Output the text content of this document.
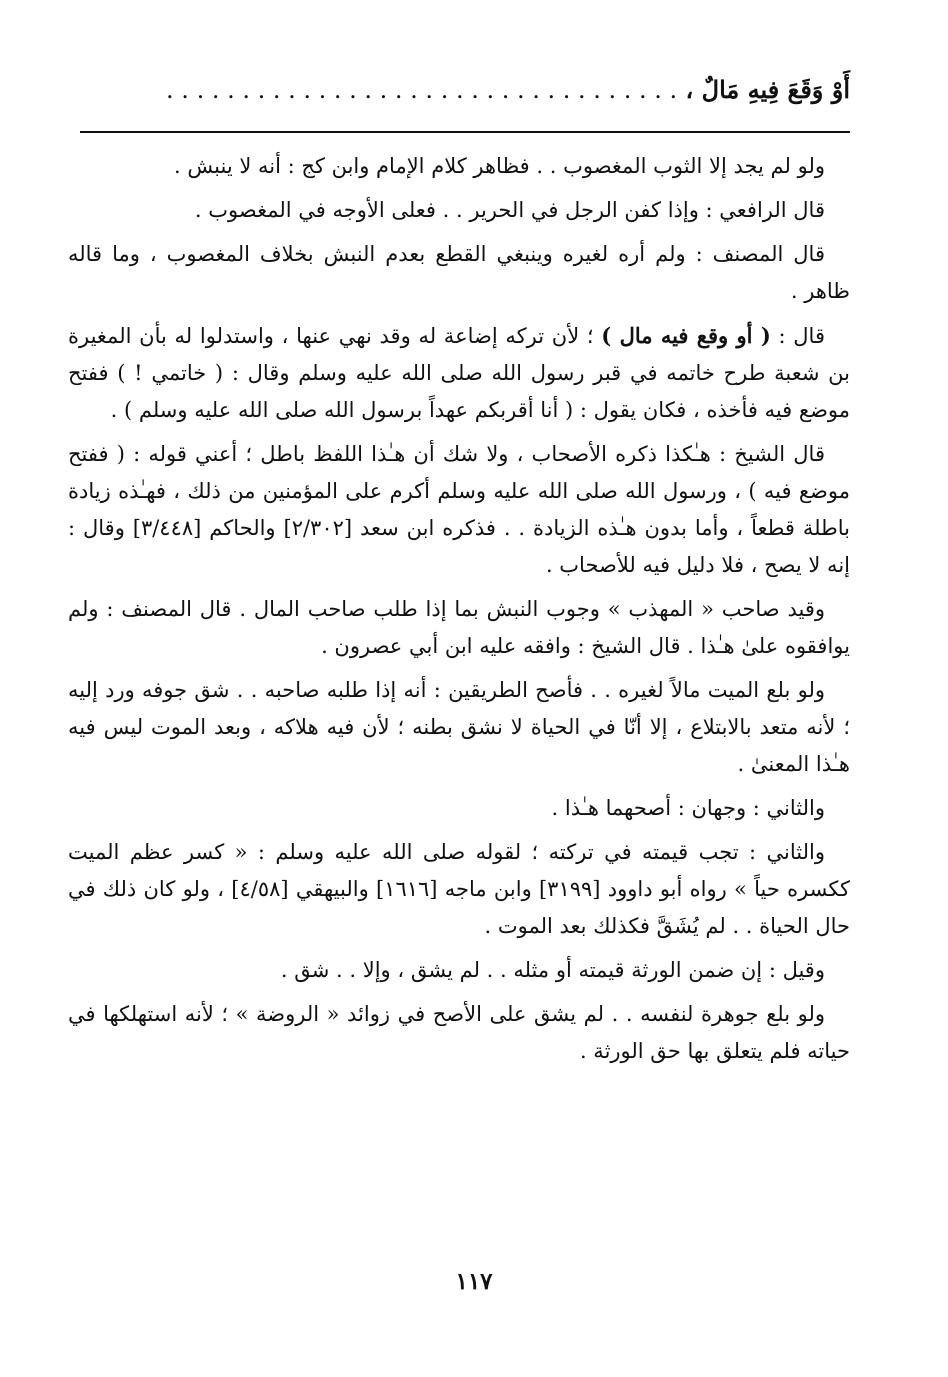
أَوْ وَقَعَ فِيهِ مَالٌ ، . . . . . . . . . . . . . . . . . . . . . . . . . . . . . . . . . .

ولو لم يجد إلا الثوب المغصوب . . فظاهر كلام الإمام وابن كج : أنه لا ينبش .

قال الرافعي : وإذا كفن الرجل في الحرير . . فعلى الأوجه في المغصوب .

قال المصنف : ولم أره لغيره وينبغي القطع بعدم النبش بخلاف المغصوب ، وما قاله ظاهر .

قال : ( أو وقع فيه مال ) ؛ لأن تركه إضاعة له وقد نهي عنها ، واستدلوا له بأن المغيرة بن شعبة طرح خاتمه في قبر رسول الله صلى الله عليه وسلم وقال : ( خاتمي ! ) ففتح موضع فيه فأخذه ، فكان يقول : ( أنا أقربكم عهداً برسول الله صلى الله عليه وسلم ) .

قال الشيخ : هـٰكذا ذكره الأصحاب ، ولا شك أن هـٰذا اللفظ باطل ؛ أعني قوله : ( ففتح موضع فيه ) ، ورسول الله صلى الله عليه وسلم أكرم على المؤمنين من ذلك ، فهـٰذه زيادة باطلة قطعاً ، وأما بدون هـٰذه الزيادة . . فذكره ابن سعد [٢/٣٠٢] والحاكم [٣/٤٤٨] وقال : إنه لا يصح ، فلا دليل فيه للأصحاب .

وقيد صاحب « المهذب » وجوب النبش بما إذا طلب صاحب المال . قال المصنف : ولم يوافقوه علىٰ هـٰذا . قال الشيخ : وافقه عليه ابن أبي عصرون .

ولو بلع الميت مالاً لغيره . . فأصح الطريقين : أنه إذا طلبه صاحبه . . شق جوفه ورد إليه ؛ لأنه متعد بالابتلاع ، إلا أنّا في الحياة لا نشق بطنه ؛ لأن فيه هلاكه ، وبعد الموت ليس فيه هـٰذا المعنىٰ .

والثاني : وجهان : أصحهما هـٰذا .

والثاني : تجب قيمته في تركته ؛ لقوله صلى الله عليه وسلم : « كسر عظم الميت ككسره حياً » رواه أبو داوود [٣١٩٩] وابن ماجه [١٦١٦] والبيهقي [٤/٥٨] ، ولو كان ذلك في حال الحياة . . لم يُشَقَّ فكذلك بعد الموت .

وقيل : إن ضمن الورثة قيمته أو مثله . . لم يشق ، وإلا . . شق .

ولو بلع جوهرة لنفسه . . لم يشق على الأصح في زوائد « الروضة » ؛ لأنه استهلكها في حياته فلم يتعلق بها حق الورثة .

١١٧
